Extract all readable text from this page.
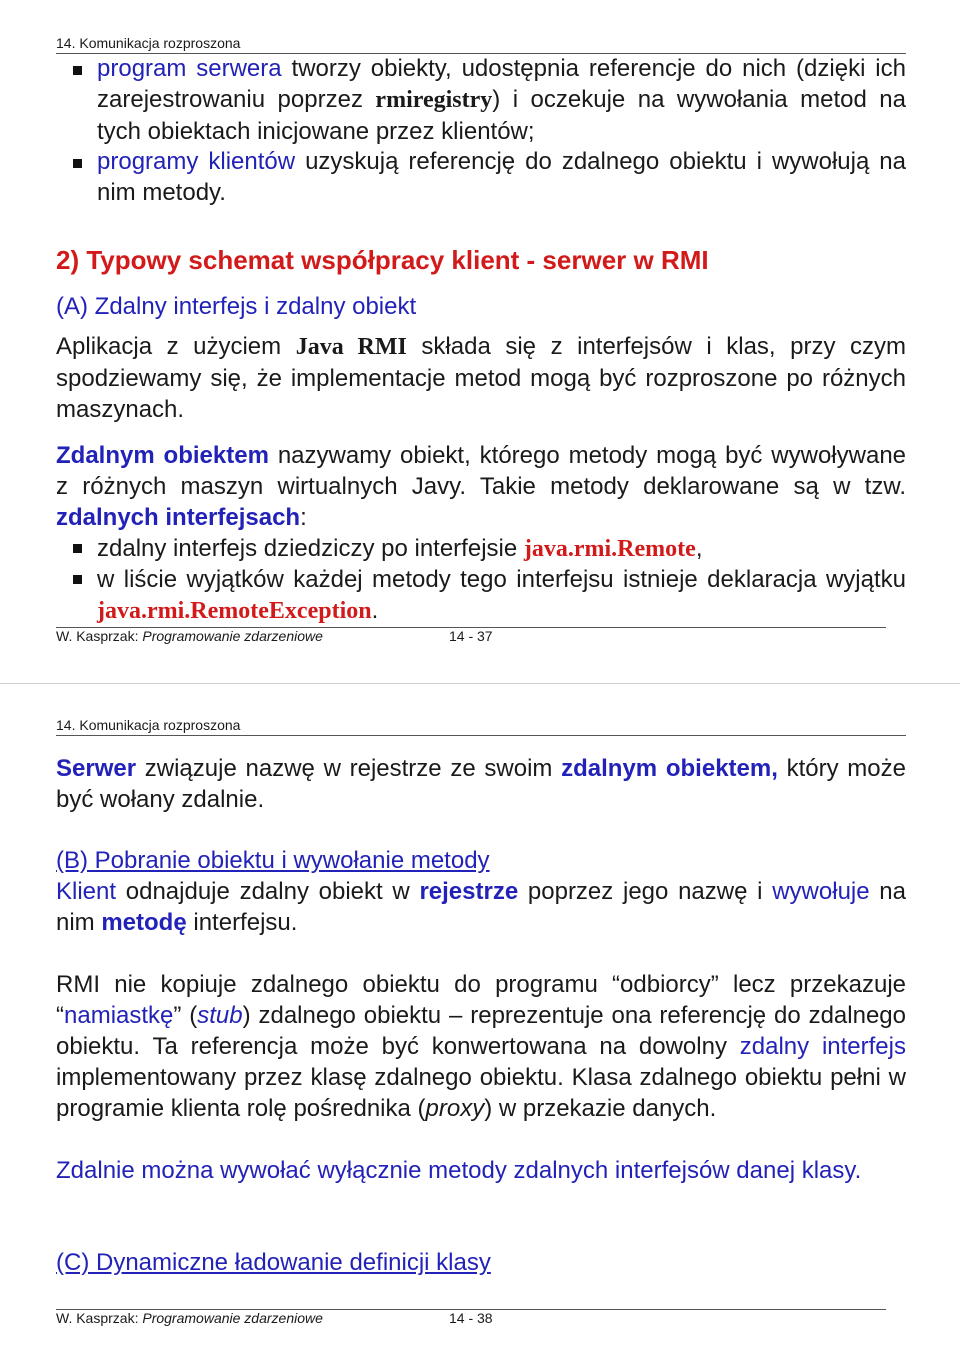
14. Komunikacja rozproszona
program serwera tworzy obiekty, udostępnia referencje do nich (dzięki ich zarejestrowaniu poprzez rmiregistry) i oczekuje na wywołania metod na tych obiektach inicjowane przez klientów;
programy klientów uzyskują referencję do zdalnego obiektu i wywołują na nim metody.
2) Typowy schemat współpracy klient - serwer w RMI
(A) Zdalny interfejs i zdalny obiekt
Aplikacja z użyciem Java RMI składa się z interfejsów i klas, przy czym spodziewamy się, że implementacje metod mogą być rozproszone po różnych maszynach.
Zdalnym obiektem nazywamy obiekt, którego metody mogą być wywoływane z różnych maszyn wirtualnych Javy. Takie metody deklarowane są w tzw. zdalnych interfejsach:
zdalny interfejs dziedziczy po interfejsie java.rmi.Remote,
w liście wyjątków każdej metody tego interfejsu istnieje deklaracja wyjątku java.rmi.RemoteException.
W. Kasprzak: Programowanie zdarzeniowe	14 - 37
14. Komunikacja rozproszona
Serwer związuje nazwę w rejestrze ze swoim zdalnym obiektem, który może być wołany zdalnie.
(B) Pobranie obiektu i wywołanie metody
Klient odnajduje zdalny obiekt w rejestrze poprzez jego nazwę i wywołuje na nim metodę interfejsu.
RMI nie kopiuje zdalnego obiektu do programu “odbiorcy” lecz przekazuje “namiastkę” (stub) zdalnego obiektu – reprezentuje ona referencję do zdalnego obiektu. Ta referencja może być konwertowana na dowolny zdalny interfejs implementowany przez klasę zdalnego obiektu. Klasa zdalnego obiektu pełni w programie klienta rolę pośrednika (proxy) w przekazie danych.
Zdalnie można wywołać wyłącznie metody zdalnych interfejsów danej klasy.
(C) Dynamiczne ładowanie definicji klasy
W. Kasprzak: Programowanie zdarzeniowe	14 - 38
